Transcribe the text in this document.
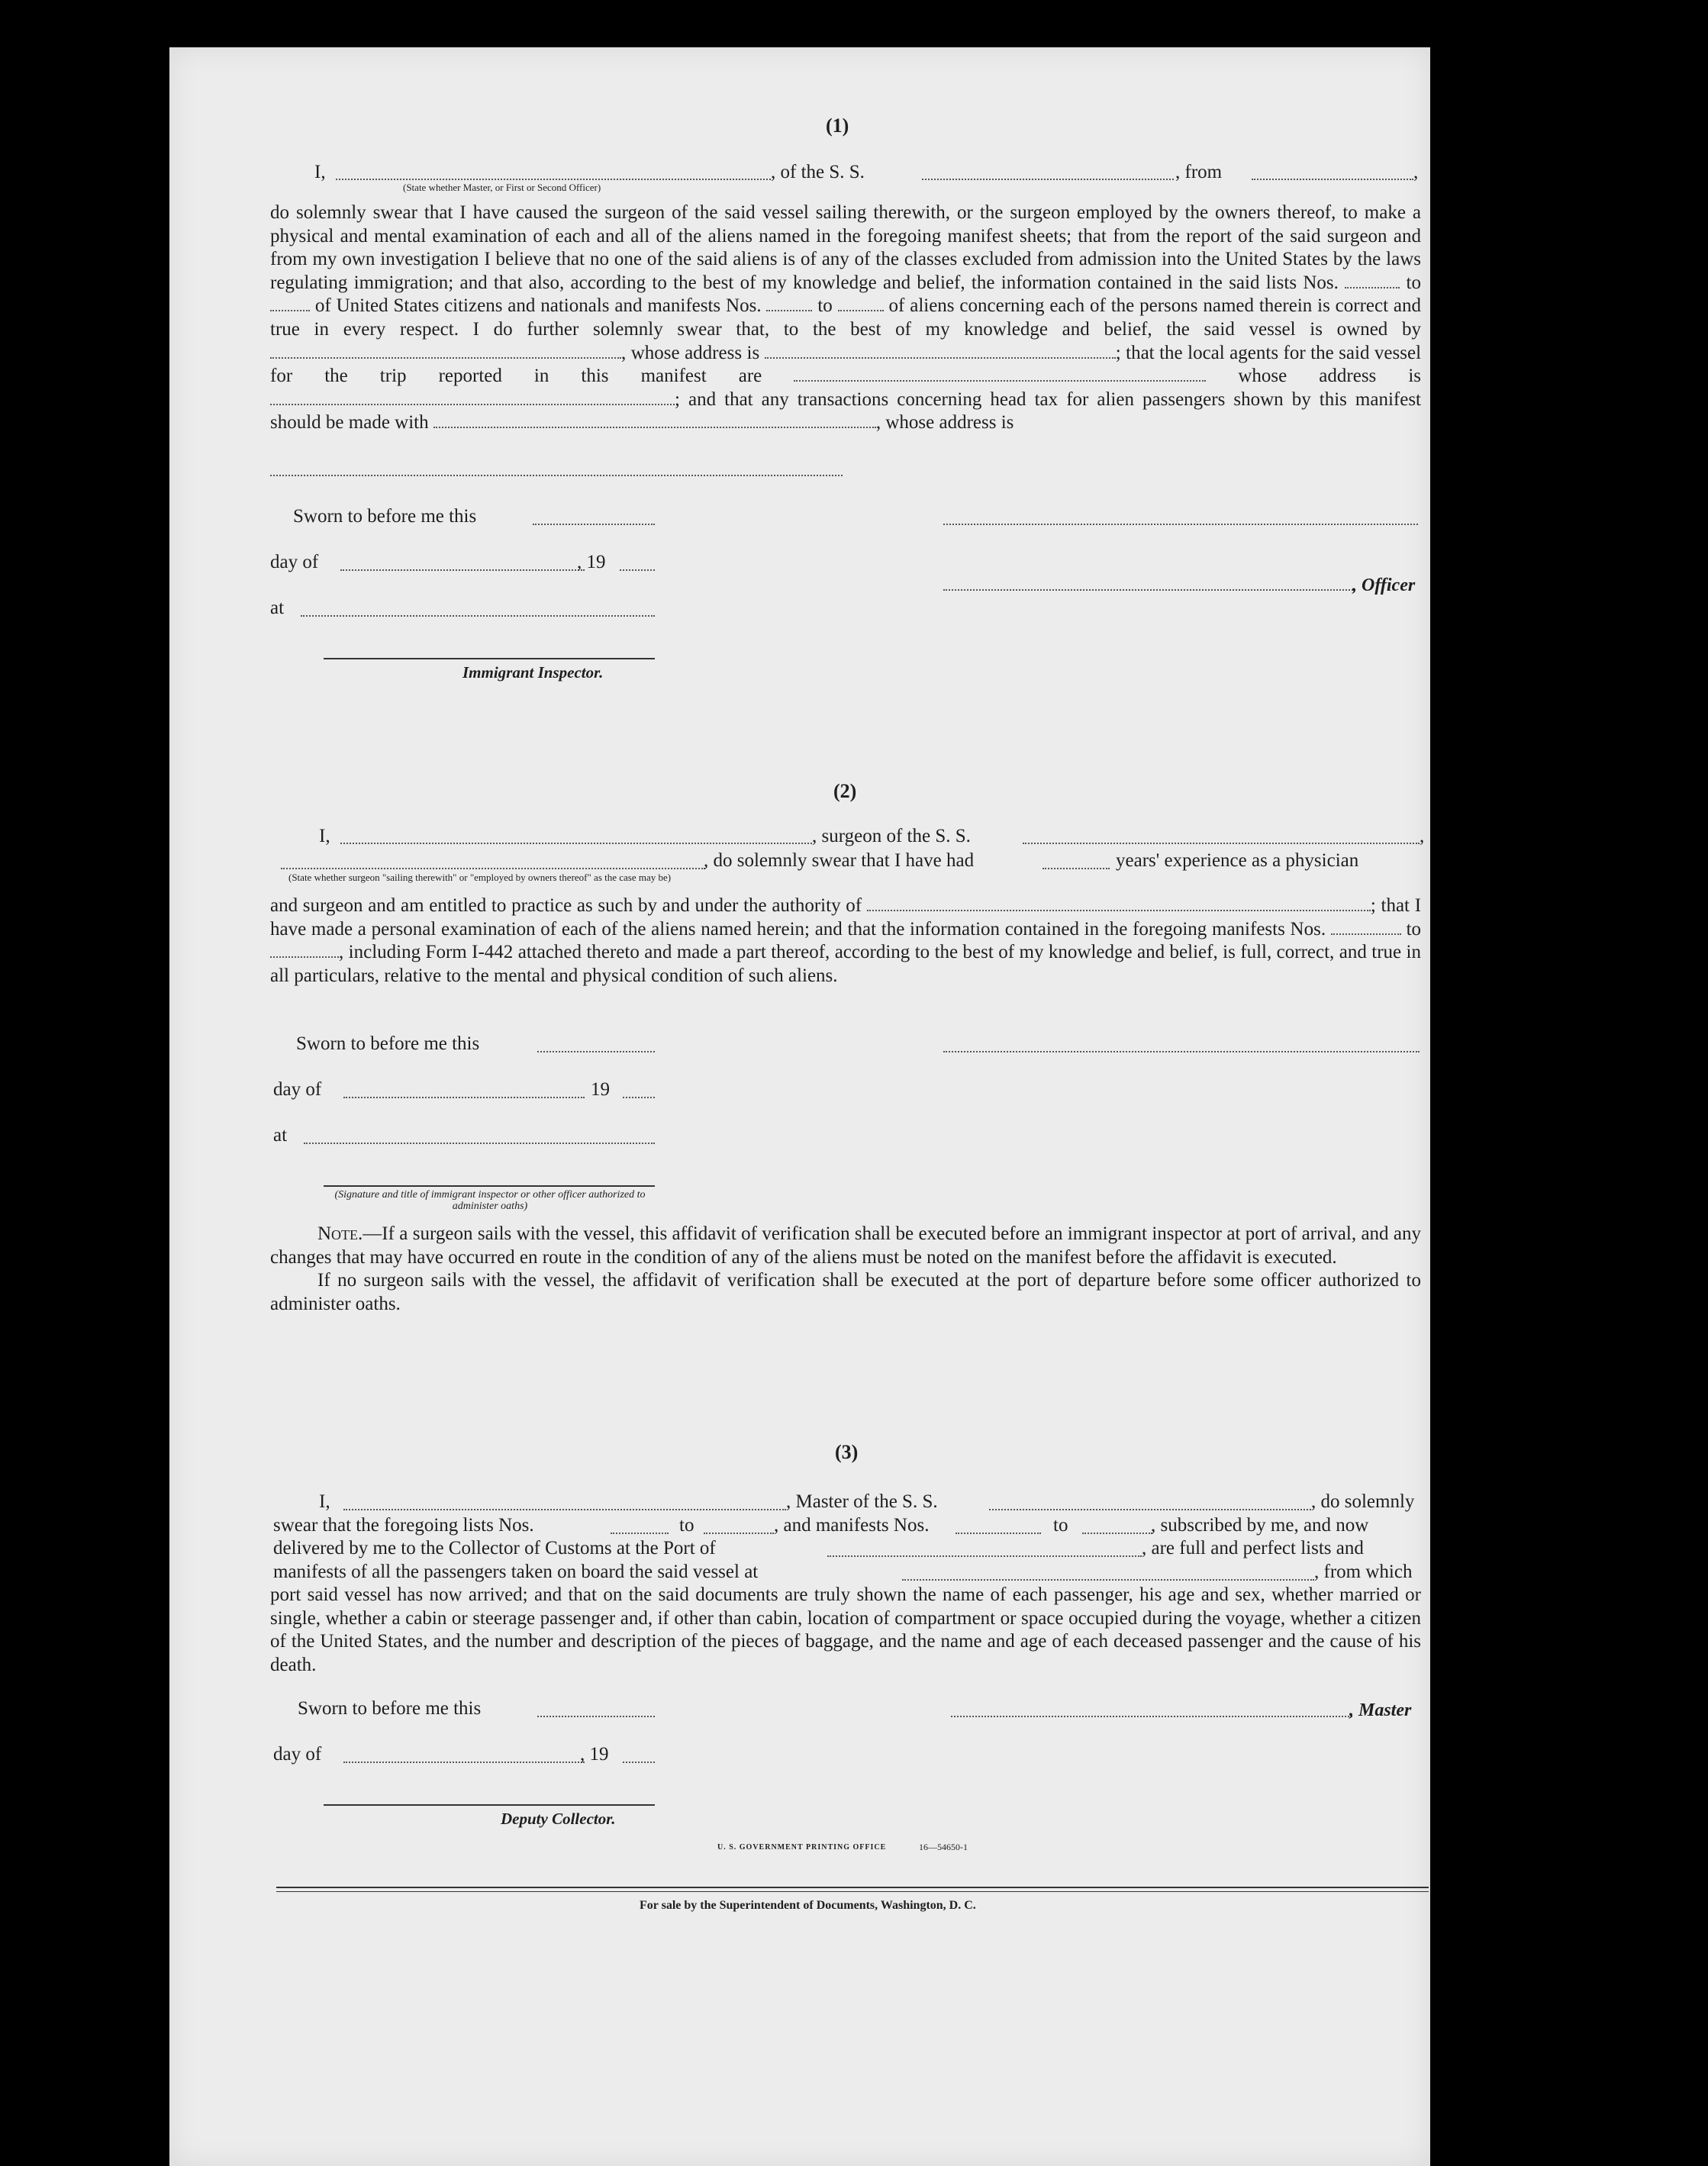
(1)
I,	, of the S. S.	, from	,
(State whether Master, or First or Second Officer)

do solemnly swear that I have caused the surgeon of the said vessel sailing therewith, or the surgeon employed by the owners thereof, to make a physical and mental examination of each and all of the aliens named in the foregoing manifest sheets; that from the report of the said surgeon and from my own investigation I believe that no one of the said aliens is of any of the classes excluded from admission into the United States by the laws regulating immigration; and that also, according to the best of my knowledge and belief, the information contained in the said lists Nos.	to  of United States citizens and nationals and manifests Nos.	to	of aliens concerning each of the persons named therein is correct and true in every respect. I do further solemnly swear that, to the best of my knowledge and belief, the said vessel is owned by , whose address is	; that the local agents for the said vessel for the trip reported in this manifest are	whose address is ; and that any transactions concerning head tax for alien passengers shown by this manifest should be made with	, whose address is

Sworn to before me this
day of	, 19
, Officer
at
Immigrant Inspector.
(2)
I,	, surgeon of the S. S.	,
, do solemnly swear that I have had	years' experience as a physician
(State whether surgeon "sailing therewith" or "employed by owners thereof" as the case may be)

and surgeon and am entitled to practice as such by and under the authority of	; that I have made a personal examination of each of the aliens named herein; and that the information contained in the foregoing manifests Nos.	to , including Form I-442 attached thereto and made a part thereof, according to the best of my knowledge and belief, is full, correct, and true in all particulars, relative to the mental and physical condition of such aliens.

Sworn to before me this
day of	19
at
(Signature and title of immigrant inspector or other officer authorized to administer oaths)

Note.—If a surgeon sails with the vessel, this affidavit of verification shall be executed before an immigrant inspector at port of arrival, and any changes that may have occurred en route in the condition of any of the aliens must be noted on the manifest before the affidavit is executed.

If no surgeon sails with the vessel, the affidavit of verification shall be executed at the port of departure before some officer authorized to administer oaths.

(3)
I,	, Master of the S. S.	, do solemnly
swear that the foregoing lists Nos.	to	, and manifests Nos.	to	, subscribed by me, and now
delivered by me to the Collector of Customs at the Port of	, are full and perfect lists and
manifests of all the passengers taken on board the said vessel at	, from which

port said vessel has now arrived; and that on the said documents are truly shown the name of each passenger, his age and sex, whether married or single, whether a cabin or steerage passenger and, if other than cabin, location of compartment or space occupied during the voyage, whether a citizen of the United States, and the number and description of the pieces of baggage, and the name and age of each deceased passenger and the cause of his death.

Sworn to before me this	, Master
day of	, 19
Deputy Collector.
U. S. GOVERNMENT PRINTING OFFICE	16—54650-1
For sale by the Superintendent of Documents, Washington, D. C.
